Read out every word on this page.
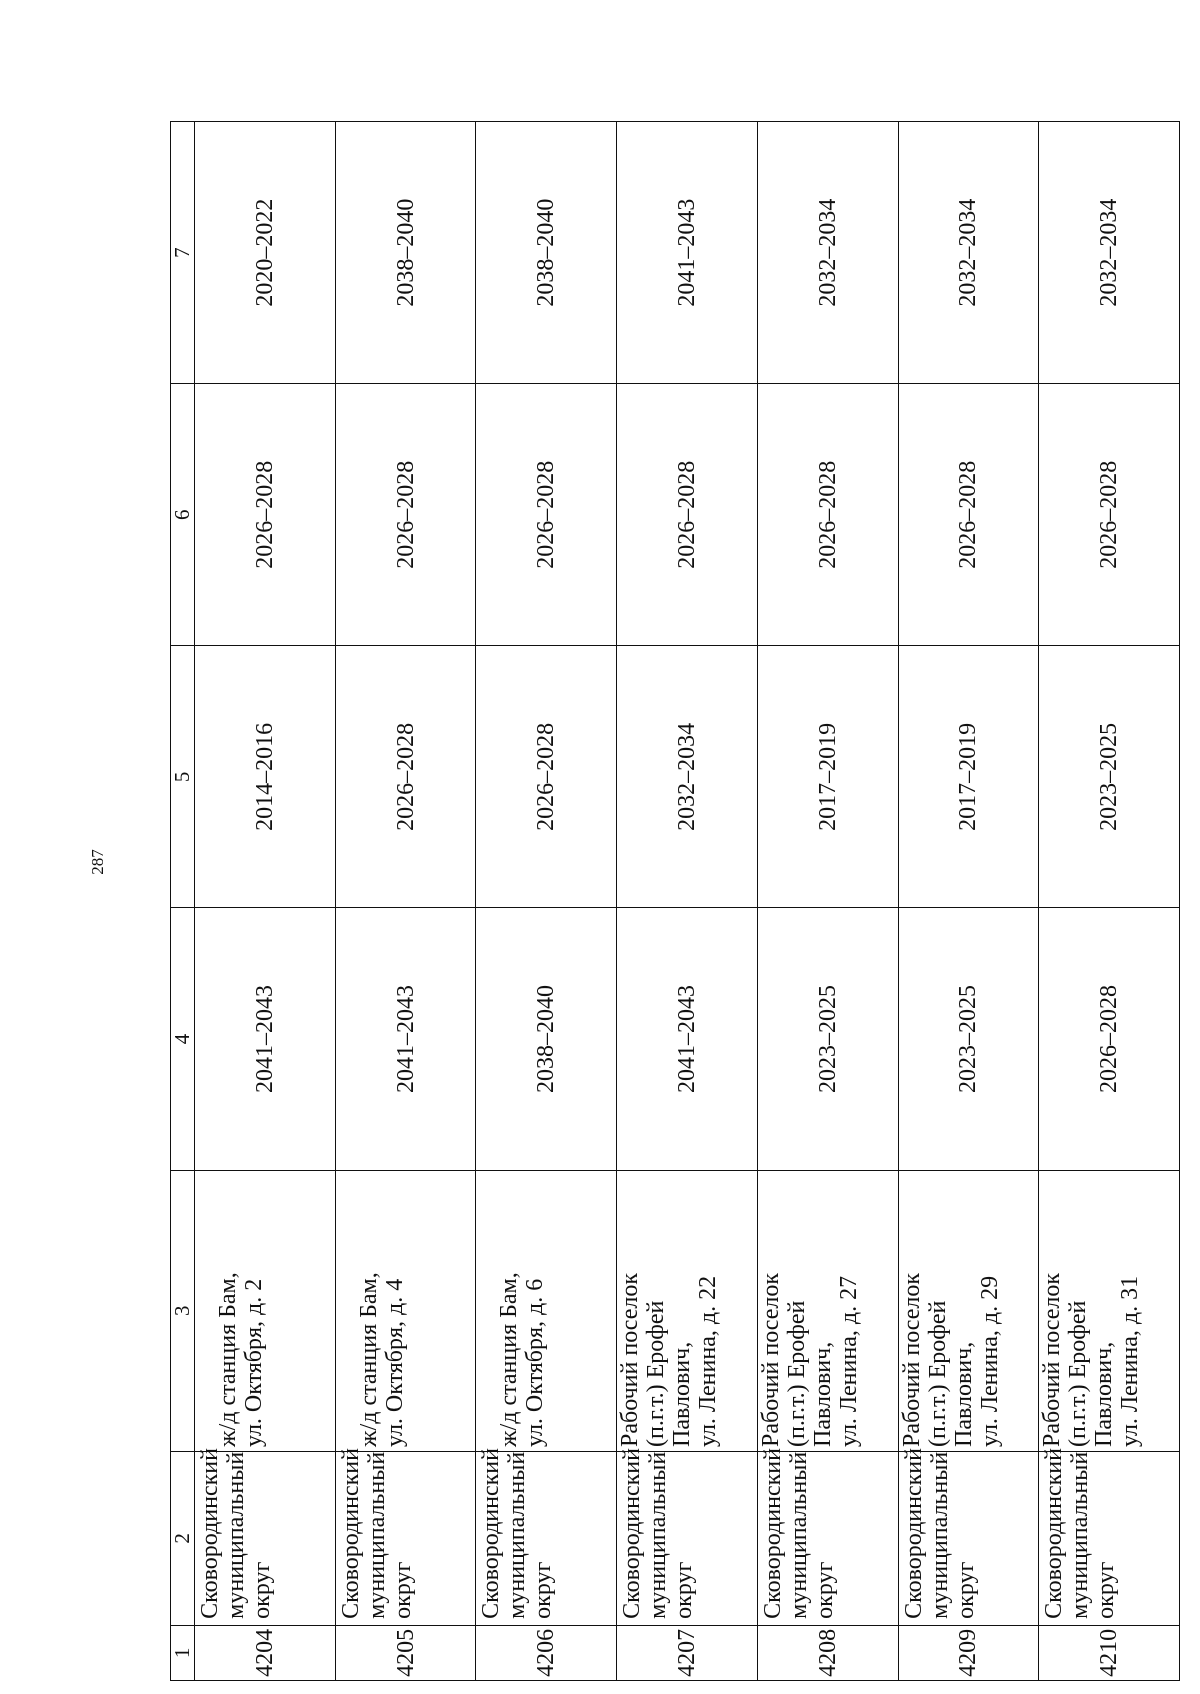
287
1	2	3	4	5	6	7
4204	Сковородинский муниципальный округ	ж/д станция Бам, ул. Октября, д. 2	2041–2043	2014–2016	2026–2028	2020–2022
4205	Сковородинский муниципальный округ	ж/д станция Бам, ул. Октября, д. 4	2041–2043	2026–2028	2026–2028	2038–2040
4206	Сковородинский муниципальный округ	ж/д станция Бам, ул. Октября, д. 6	2038–2040	2026–2028	2026–2028	2038–2040
4207	Сковородинский муниципальный округ	Рабочий поселок (п.г.т.) Ерофей Павлович, ул. Ленина, д. 22	2041–2043	2032–2034	2026–2028	2041–2043
4208	Сковородинский муниципальный округ	Рабочий поселок (п.г.т.) Ерофей Павлович, ул. Ленина, д. 27	2023–2025	2017–2019	2026–2028	2032–2034
4209	Сковородинский муниципальный округ	Рабочий поселок (п.г.т.) Ерофей Павлович, ул. Ленина, д. 29	2023–2025	2017–2019	2026–2028	2032–2034
4210	Сковородинский муниципальный округ	Рабочий поселок (п.г.т.) Ерофей Павлович, ул. Ленина, д. 31	2026–2028	2023–2025	2026–2028	2032–2034
